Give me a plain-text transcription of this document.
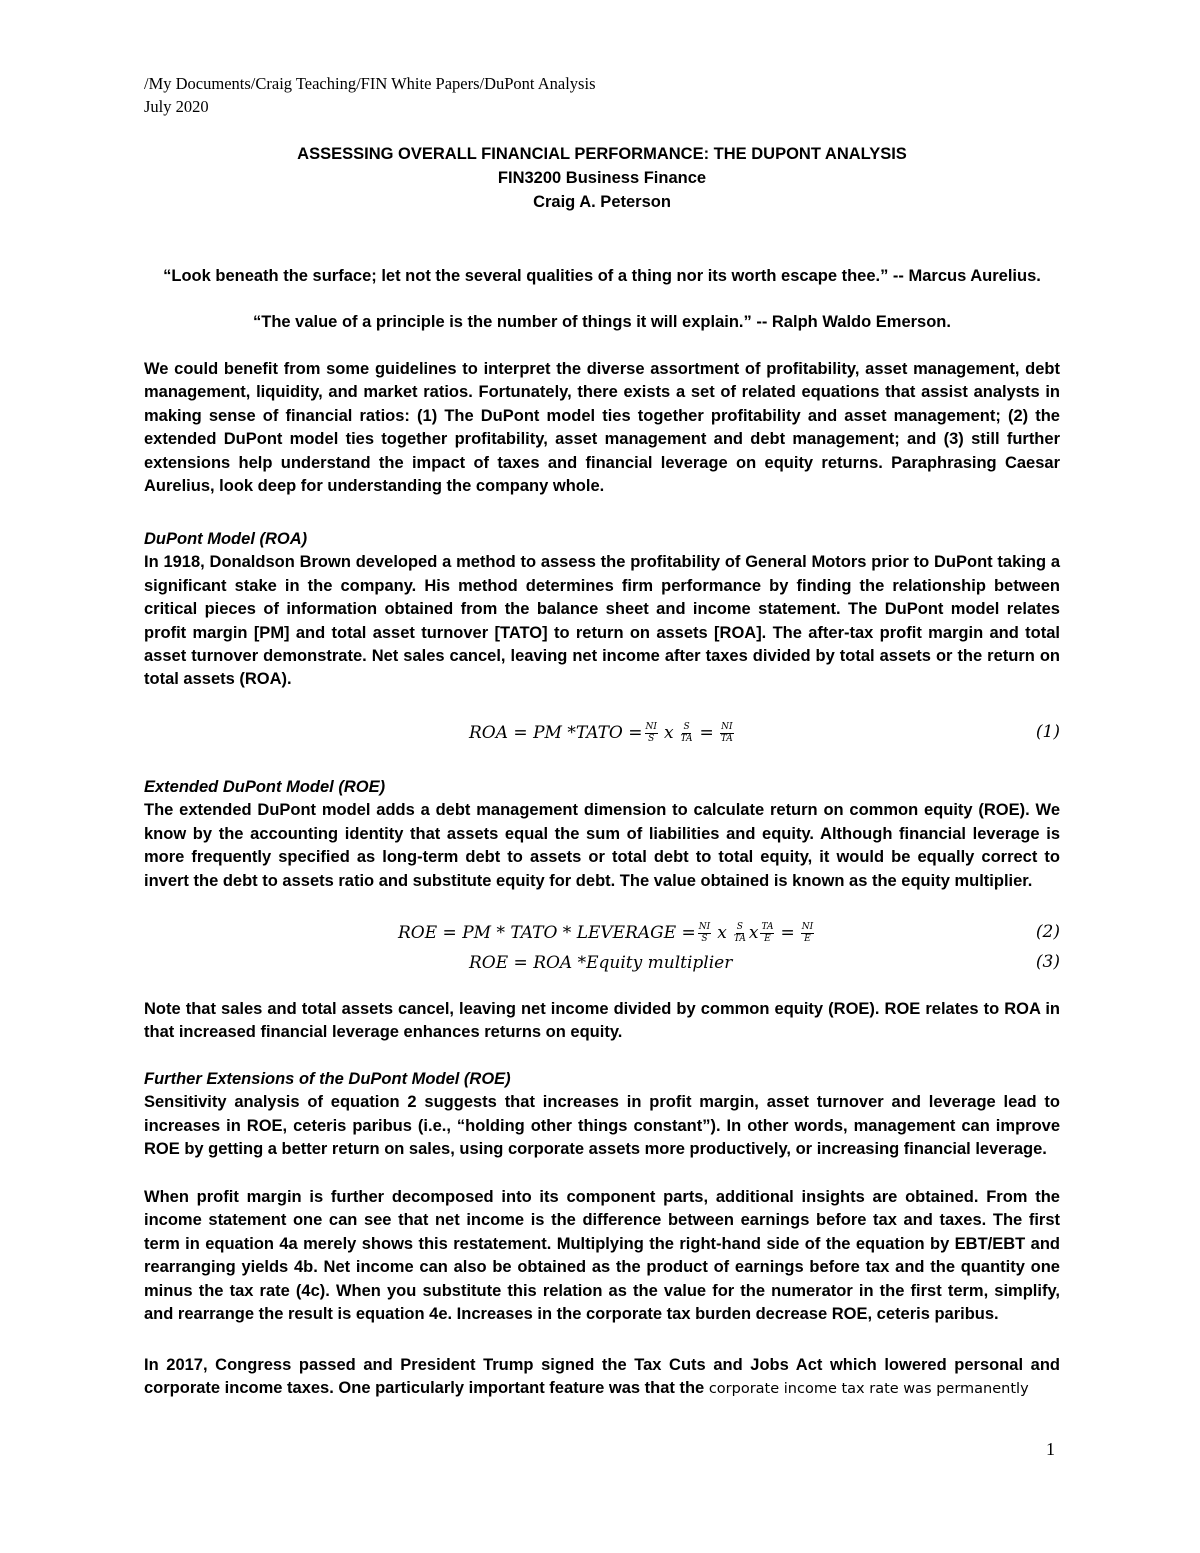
/My Documents/Craig Teaching/FIN White Papers/DuPont Analysis
July 2020
ASSESSING OVERALL FINANCIAL PERFORMANCE: THE DUPONT ANALYSIS
FIN3200 Business Finance
Craig A. Peterson
“Look beneath the surface; let not the several qualities of a thing nor its worth escape thee.” -- Marcus Aurelius.
“The value of a principle is the number of things it will explain.” -- Ralph Waldo Emerson.

We could benefit from some guidelines to interpret the diverse assortment of profitability, asset management, debt management, liquidity, and market ratios. Fortunately, there exists a set of related equations that assist analysts in making sense of financial ratios: (1) The DuPont model ties together profitability and asset management; (2) the extended DuPont model ties together profitability, asset management and debt management; and (3) still further extensions help understand the impact of taxes and financial leverage on equity returns. Paraphrasing Caesar Aurelius, look deep for understanding the company whole.

DuPont Model (ROA)
In 1918, Donaldson Brown developed a method to assess the profitability of General Motors prior to DuPont taking a significant stake in the company. His method determines firm performance by finding the relationship between critical pieces of information obtained from the balance sheet and income statement. The DuPont model relates profit margin [PM] and total asset turnover [TATO] to return on assets [ROA]. The after-tax profit margin and total asset turnover demonstrate. Net sales cancel, leaving net income after taxes divided by total assets or the return on total assets (ROA).
ROA = PM *TATO = $\frac{NI}{S}$ x $\frac{S}{TA} = \frac{NI}{TA}$	(1)
Extended DuPont Model (ROE)
The extended DuPont model adds a debt management dimension to calculate return on common equity (ROE). We know by the accounting identity that assets equal the sum of liabilities and equity. Although financial leverage is more frequently specified as long-term debt to assets or total debt to total equity, it would be equally correct to invert the debt to assets ratio and substitute equity for debt. The value obtained is known as the equity multiplier.
ROE = PM * TATO * LEVERAGE = $\frac{NI}{S}$ x $\frac{S}{TA}$ x $\frac{TA}{E} = \frac{NI}{E}$	(2)
ROE = ROA *Equity multiplier	(3)

Note that sales and total assets cancel, leaving net income divided by common equity (ROE). ROE relates to ROA in that increased financial leverage enhances returns on equity.

Further Extensions of the DuPont Model (ROE)
Sensitivity analysis of equation 2 suggests that increases in profit margin, asset turnover and leverage lead to increases in ROE, ceteris paribus (i.e., “holding other things constant”). In other words, management can improve ROE by getting a better return on sales, using corporate assets more productively, or increasing financial leverage.

When profit margin is further decomposed into its component parts, additional insights are obtained. From the income statement one can see that net income is the difference between earnings before tax and taxes. The first term in equation 4a merely shows this restatement. Multiplying the right-hand side of the equation by EBT/EBT and rearranging yields 4b. Net income can also be obtained as the product of earnings before tax and the quantity one minus the tax rate (4c). When you substitute this relation as the value for the numerator in the first term, simplify, and rearrange the result is equation 4e. Increases in the corporate tax burden decrease ROE, ceteris paribus.

In 2017, Congress passed and President Trump signed the Tax Cuts and Jobs Act which lowered personal and corporate income taxes. One particularly important feature was that the corporate income tax rate was permanently

1
